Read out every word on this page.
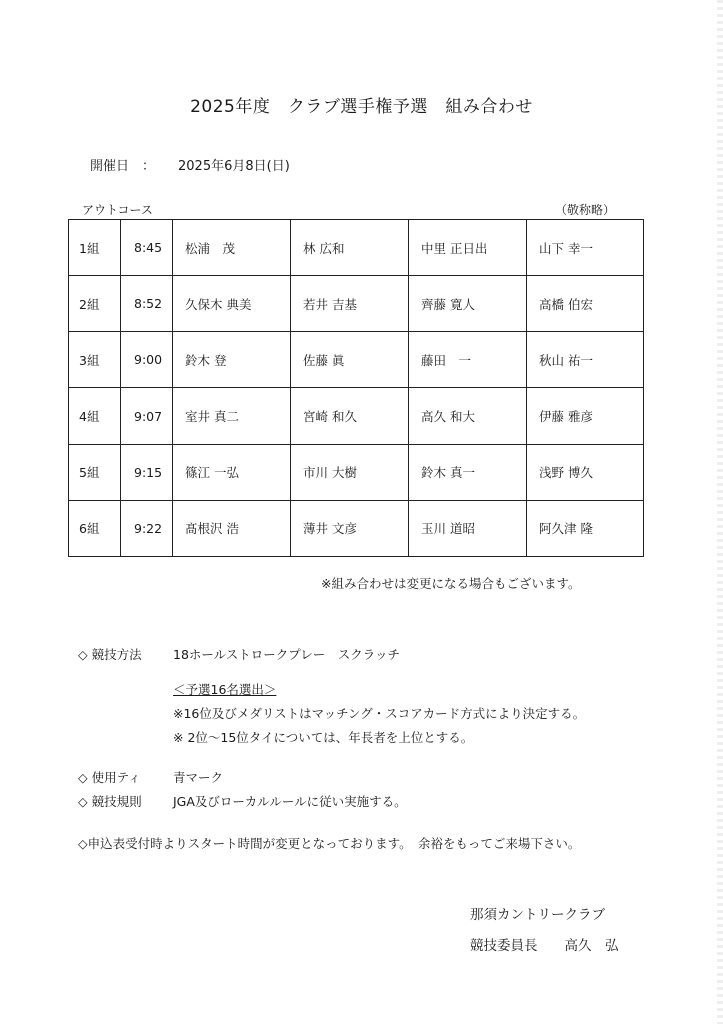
2025年度　クラブ選手権予選　組み合わせ
開催日　： 2025年6月8日(日)
アウトコース	（敬称略）
1組	8:45	松浦　茂	林 広和	中里 正日出	山下 幸一
2組	8:52	久保木 典美	若井 吉基	齊藤 寛人	高橋 伯宏
3組	9:00	鈴木 登	佐藤 眞	藤田　一	秋山 祐一
4組	9:07	室井 真二	宮崎 和久	高久 和大	伊藤 雅彦
5組	9:15	篠江 一弘	市川 大樹	鈴木 真一	浅野 博久
6組	9:22	髙根沢 浩	薄井 文彦	玉川 道昭	阿久津 隆
※組み合わせは変更になる場合もございます。
◇ 競技方法	18ホールストロークプレー　スクラッチ
＜予選16名選出＞
※16位及びメダリストはマッチング・スコアカード方式により決定する。
※ 2位～15位タイについては、年長者を上位とする。
◇ 使用ティ	青マーク
◇ 競技規則	JGA及びローカルルールに従い実施する。
◇申込表受付時よりスタート時間が変更となっております。　余裕をもってご来場下さい。
那須カントリークラブ
競技委員長　　高久　弘
